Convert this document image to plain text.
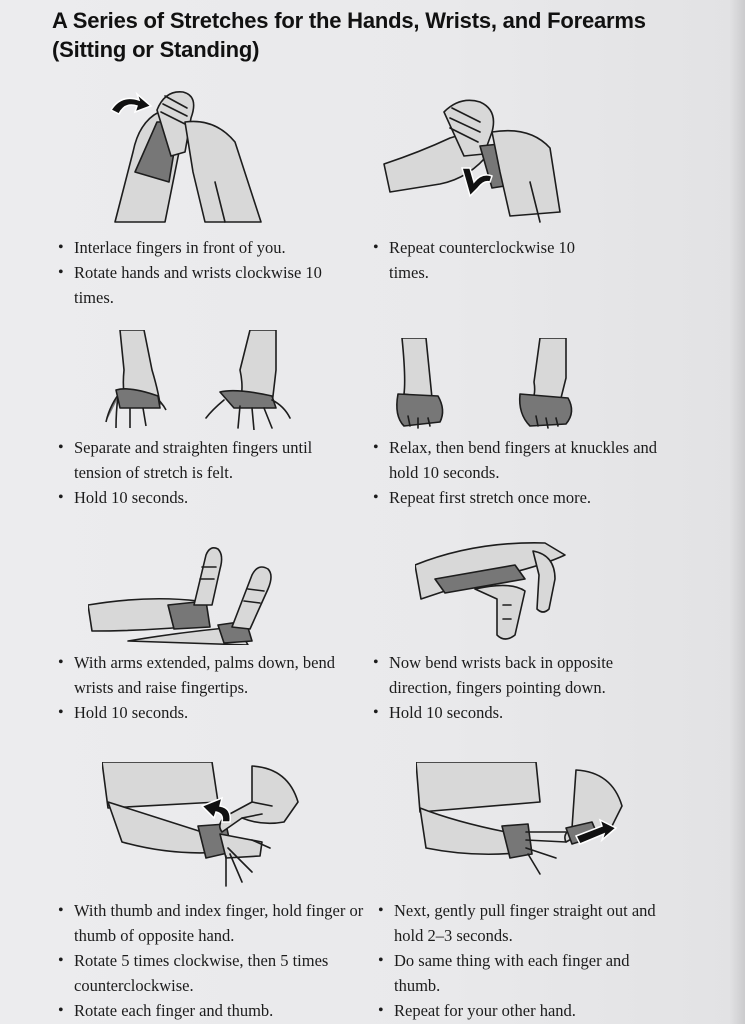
A Series of Stretches for the Hands, Wrists, and Forearms
(Sitting or Standing)
• Interlace fingers in front of you.
• Rotate hands and wrists clockwise 10 times.
• Repeat counterclockwise 10 times.
• Separate and straighten fingers until tension of stretch is felt.
• Hold 10 seconds.
• Relax, then bend fingers at knuckles and hold 10 seconds.
• Repeat first stretch once more.
• With arms extended, palms down, bend wrists and raise fingertips.
• Hold 10 seconds.
• Now bend wrists back in opposite direction, fingers pointing down.
• Hold 10 seconds.
• With thumb and index finger, hold finger or thumb of opposite hand.
• Rotate 5 times clockwise, then 5 times counterclockwise.
• Rotate each finger and thumb.
• Next, gently pull finger straight out and hold 2–3 seconds.
• Do same thing with each finger and thumb.
• Repeat for your other hand.
